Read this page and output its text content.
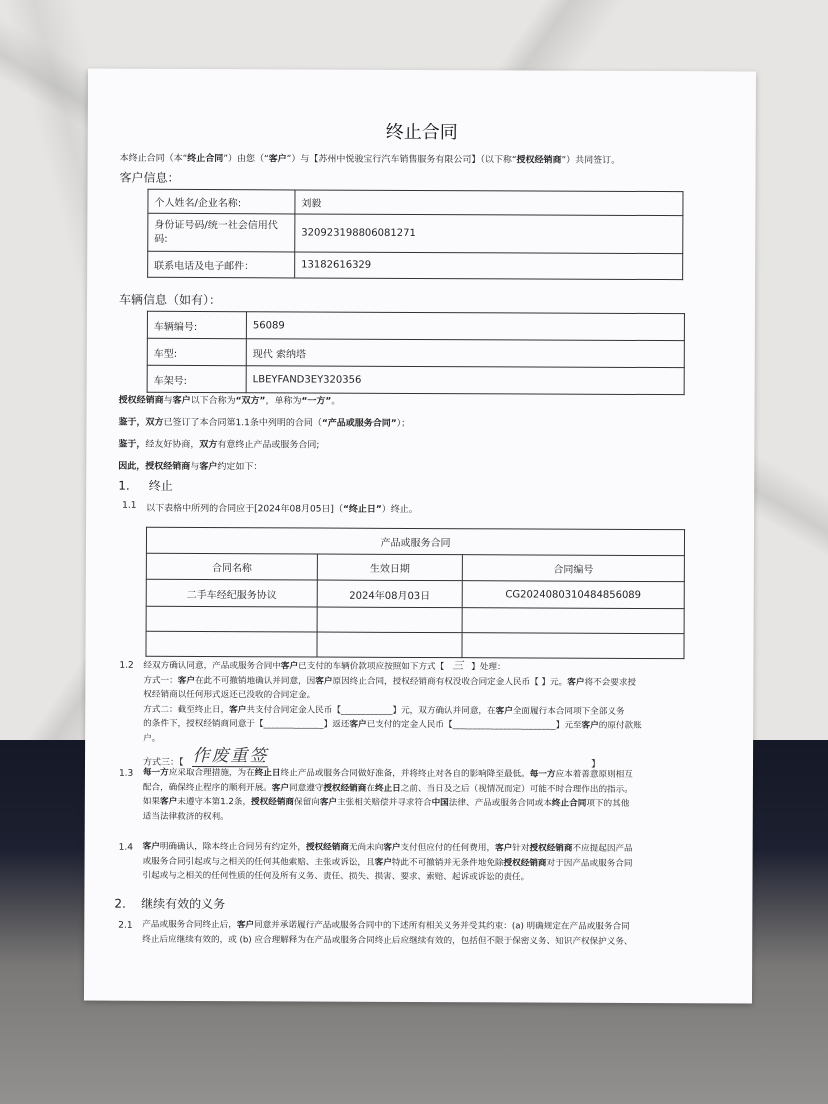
终止合同
本终止合同（本“终止合同”）由您（“客户”）与【苏州中悦骏宝行汽车销售服务有限公司】（以下称“授权经销商”）共同签订。
客户信息：
个人姓名/企业名称:	刘毅
身份证号码/统一社会信用代码:	320923198806081271
联系电话及电子邮件：	13182616329
车辆信息（如有）：
车辆编号:	56089
车型:	现代 索纳塔
车架号:	LBEYFAND3EY320356
授权经销商与客户以下合称为“双方”，单称为“一方”。
鉴于，双方已签订了本合同第1.1条中列明的合同（“产品或服务合同”）；
鉴于，经友好协商，双方有意终止产品或服务合同;
因此，授权经销商与客户约定如下：
1. 终止
1.1 以下表格中所列的合同应于[2024年08月05日]（“终止日”）终止。
产品或服务合同		
合同名称	生效日期	合同编号
二手车经纪服务协议	2024年08月03日	CG2024080310484856089

1.2 经双方确认同意，产品或服务合同中客户已支付的车辆价款项应按照如下方式【 三 】处理：
方式一：客户在此不可撤销地确认并同意，因客户原因终止合同，授权经销商有权没收合同定金人民币【 】元。客户将不会要求授
权经销商以任何形式返还已没收的合同定金。
方式二：截至终止日，客户共支付合同定金人民币【____________】元，双方确认并同意，在客户全面履行本合同项下全部义务
的条件下，授权经销商同意于【______________】返还客户已支付的定金人民币【________________________】元至客户的原付款账
户。
方式三：【 作废重签	】
1.3 每一方应采取合理措施，为在终止日终止产品或服务合同做好准备，并将终止对各自的影响降至最低。每一方应本着善意原则相互
配合，确保终止程序的顺利开展。客户同意遵守授权经销商在终止日之前、当日及之后（视情况而定）可能不时合理作出的指示。
如果客户未遵守本第1.2条，授权经销商保留向客户主张相关赔偿并寻求符合中国法律、产品或服务合同或本终止合同项下的其他
适当法律救济的权利。
1.4 客户明确确认，除本终止合同另有约定外，授权经销商无尚未向客户支付但应付的任何费用，客户针对授权经销商不应提起因产品
或服务合同引起或与之相关的任何其他索赔、主张或诉讼，且客户特此不可撤销并无条件地免除授权经销商对于因产品或服务合同
引起或与之相关的任何性质的任何及所有义务、责任、损失、损害、要求、索赔、起诉或诉讼的责任。
2. 继续有效的义务
2.1 产品或服务合同终止后，客户同意并承诺履行产品或服务合同中的下述所有相关义务并受其约束：(a) 明确规定在产品或服务合同
终止后应继续有效的，或 (b) 应合理解释为在产品或服务合同终止后应继续有效的，包括但不限于保密义务、知识产权保护义务、
